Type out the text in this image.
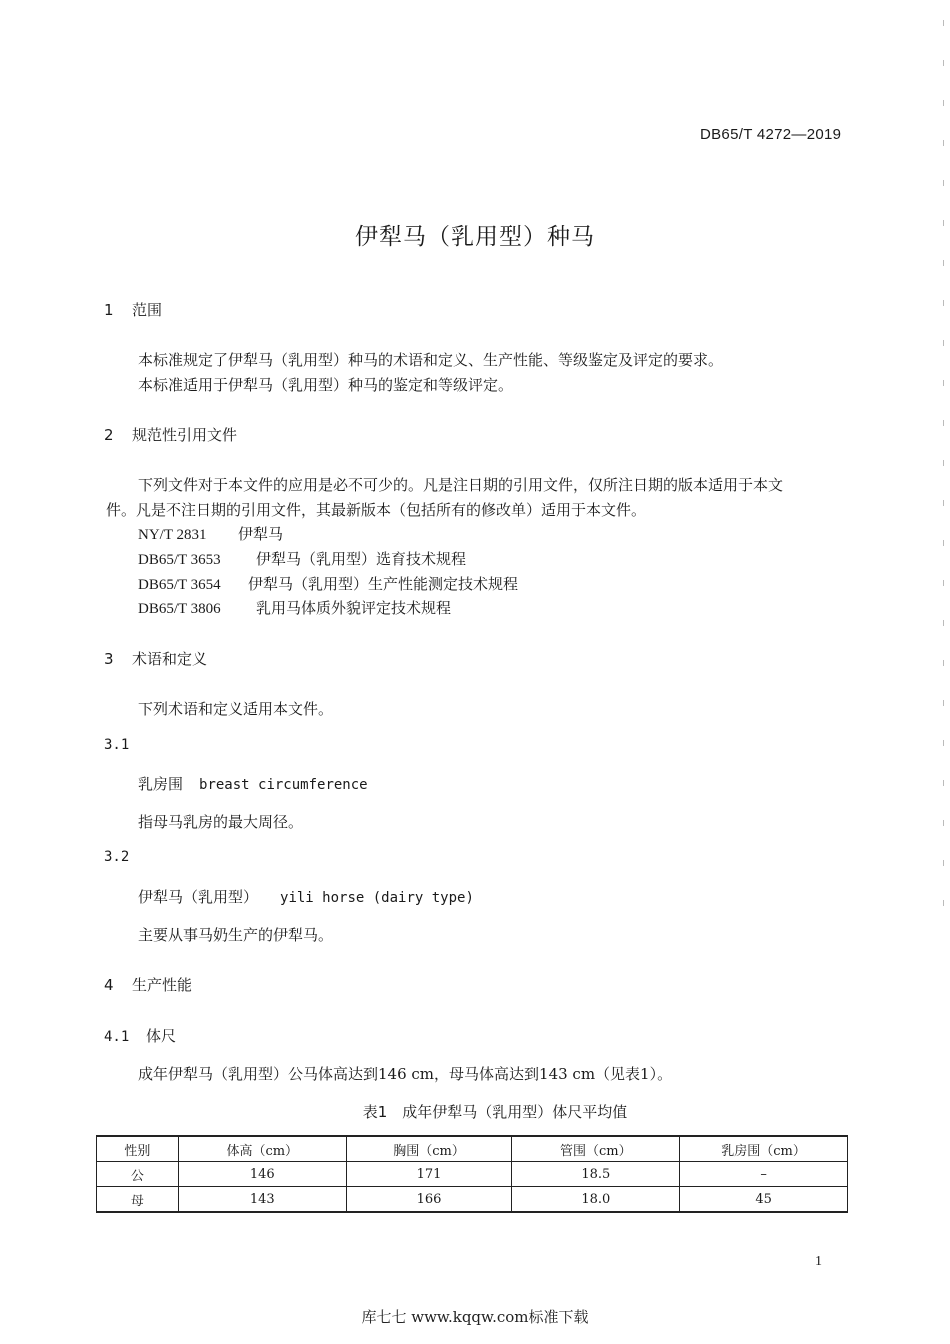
DB65/T 4272—2019
伊犁马（乳用型）种马
1 范围
本标准规定了伊犁马（乳用型）种马的术语和定义、生产性能、等级鉴定及评定的要求。
本标准适用于伊犁马（乳用型）种马的鉴定和等级评定。
2 规范性引用文件
下列文件对于本文件的应用是必不可少的。凡是注日期的引用文件，仅所注日期的版本适用于本文
件。凡是不注日期的引用文件，其最新版本（包括所有的修改单）适用于本文件。
NY/T 2831 伊犁马
DB65/T 3653 伊犁马（乳用型）选育技术规程
DB65/T 3654 伊犁马（乳用型）生产性能测定技术规程
DB65/T 3806 乳用马体质外貌评定技术规程
3 术语和定义
下列术语和定义适用本文件。
3.1
乳房围 breast circumference
指母马乳房的最大周径。
3.2
伊犁马（乳用型） yili horse (dairy type)
主要从事马奶生产的伊犁马。
4 生产性能
4.1 体尺
成年伊犁马（乳用型）公马体高达到146 cm，母马体高达到143 cm（见表1）。
表1　成年伊犁马（乳用型）体尺平均值
性别	体高（cm）	胸围（cm）	管围（cm）	乳房围（cm）
公	146	171	18.5	–
母	143	166	18.0	45
1
库七七 www.kqqw.com标准下载
